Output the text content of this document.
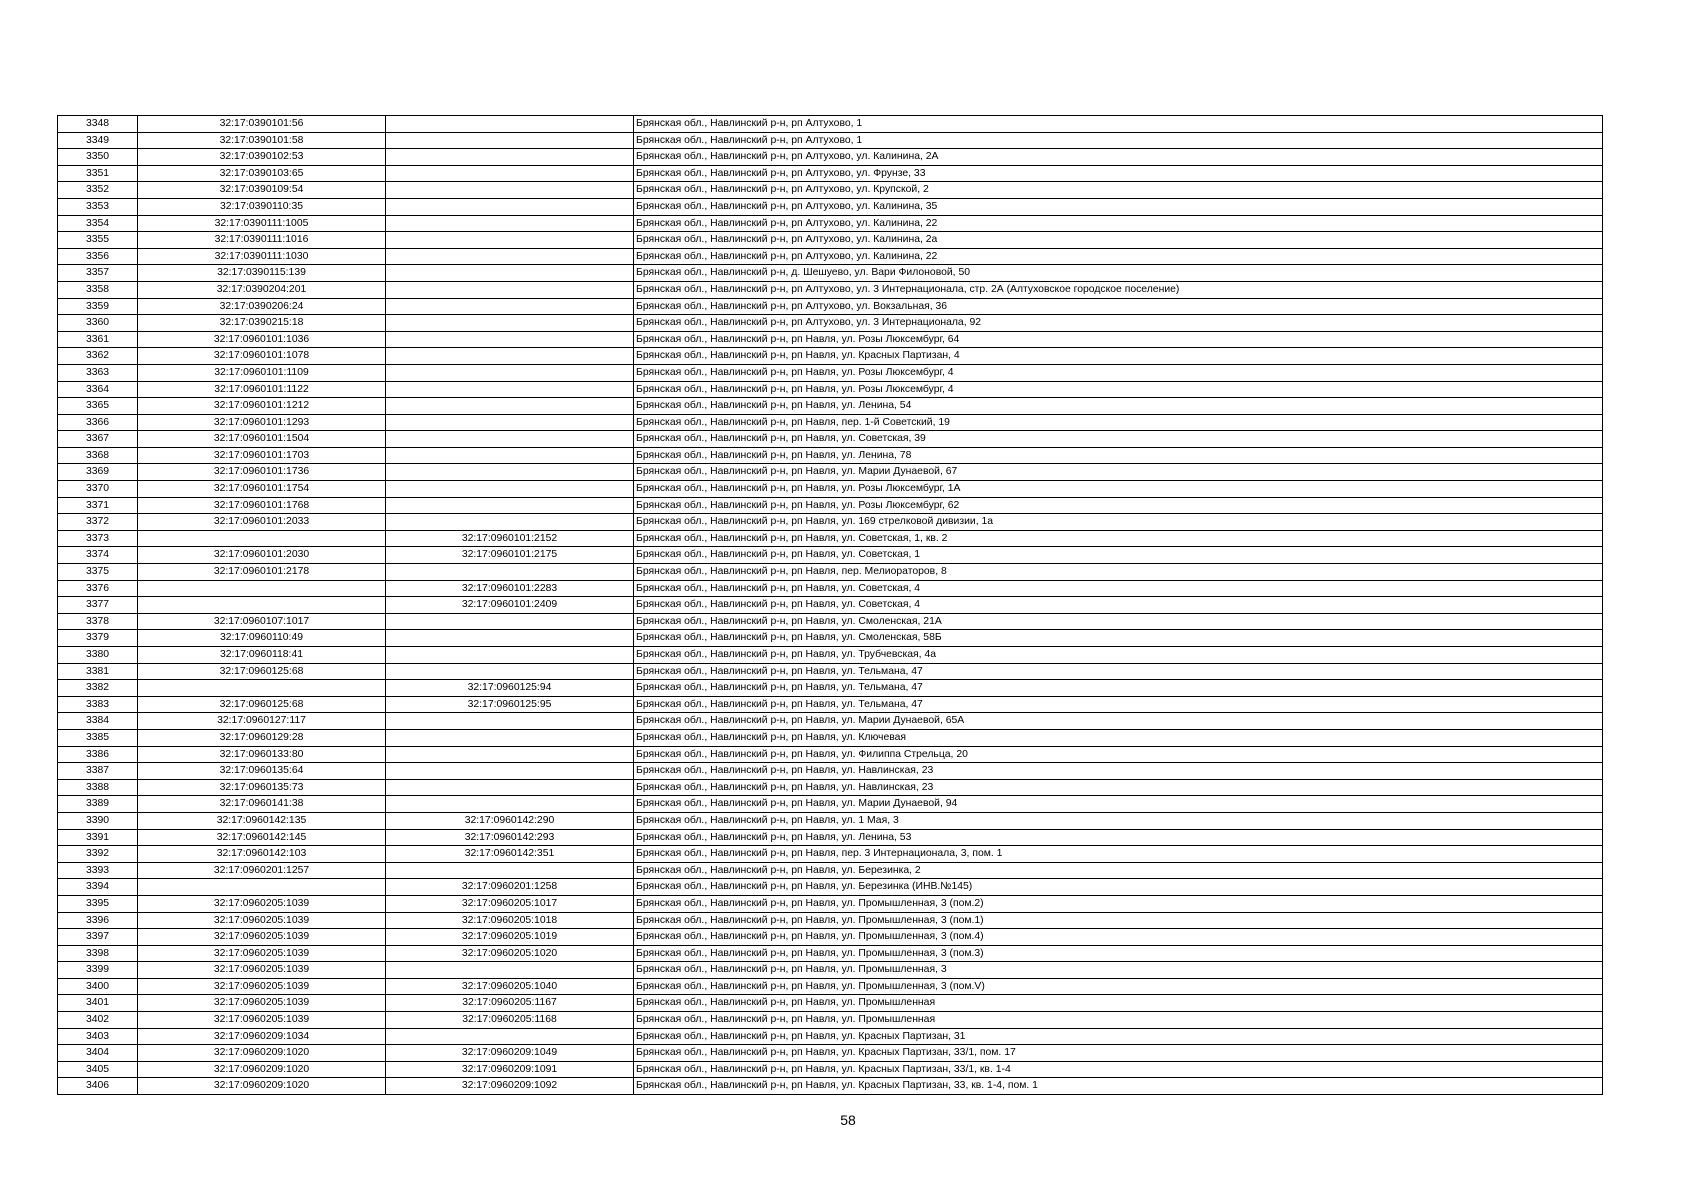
3348	32:17:0390101:56		Брянская обл., Навлинский р-н, рп Алтухово, 1
3349	32:17:0390101:58		Брянская обл., Навлинский р-н, рп Алтухово, 1
3350	32:17:0390102:53		Брянская обл., Навлинский р-н, рп Алтухово, ул. Калинина, 2А
3351	32:17:0390103:65		Брянская обл., Навлинский р-н, рп Алтухово, ул. Фрунзе, 33
3352	32:17:0390109:54		Брянская обл., Навлинский р-н, рп Алтухово, ул. Крупской, 2
3353	32:17:0390110:35		Брянская обл., Навлинский р-н, рп Алтухово, ул. Калинина, 35
3354	32:17:0390111:1005		Брянская обл., Навлинский р-н, рп Алтухово, ул. Калинина, 22
3355	32:17:0390111:1016		Брянская обл., Навлинский р-н, рп Алтухово, ул. Калинина, 2а
3356	32:17:0390111:1030		Брянская обл., Навлинский р-н, рп Алтухово, ул. Калинина, 22
3357	32:17:0390115:139		Брянская обл., Навлинский р-н, д. Шешуево, ул. Вари Филоновой, 50
3358	32:17:0390204:201		Брянская обл., Навлинский р-н, рп Алтухово, ул. 3 Интернационала, стр. 2А (Алтуховское городское поселение)
3359	32:17:0390206:24		Брянская обл., Навлинский р-н, рп Алтухово, ул. Вокзальная, 36
3360	32:17:0390215:18		Брянская обл., Навлинский р-н, рп Алтухово, ул. 3 Интернационала, 92
3361	32:17:0960101:1036		Брянская обл., Навлинский р-н, рп Навля, ул. Розы Люксембург, 64
3362	32:17:0960101:1078		Брянская обл., Навлинский р-н, рп Навля, ул. Красных Партизан, 4
3363	32:17:0960101:1109		Брянская обл., Навлинский р-н, рп Навля, ул. Розы Люксембург, 4
3364	32:17:0960101:1122		Брянская обл., Навлинский р-н, рп Навля, ул. Розы Люксембург, 4
3365	32:17:0960101:1212		Брянская обл., Навлинский р-н, рп Навля, ул. Ленина, 54
3366	32:17:0960101:1293		Брянская обл., Навлинский р-н, рп Навля, пер. 1-й Советский, 19
3367	32:17:0960101:1504		Брянская обл., Навлинский р-н, рп Навля, ул. Советская, 39
3368	32:17:0960101:1703		Брянская обл., Навлинский р-н, рп Навля, ул. Ленина, 78
3369	32:17:0960101:1736		Брянская обл., Навлинский р-н, рп Навля, ул. Марии Дунаевой, 67
3370	32:17:0960101:1754		Брянская обл., Навлинский р-н, рп Навля, ул. Розы Люксембург, 1А
3371	32:17:0960101:1768		Брянская обл., Навлинский р-н, рп Навля, ул. Розы Люксембург, 62
3372	32:17:0960101:2033		Брянская обл., Навлинский р-н, рп Навля, ул. 169 стрелковой дивизии, 1а
3373		32:17:0960101:2152	Брянская обл., Навлинский р-н, рп Навля, ул. Советская, 1, кв. 2
3374	32:17:0960101:2030	32:17:0960101:2175	Брянская обл., Навлинский р-н, рп Навля, ул. Советская, 1
3375	32:17:0960101:2178		Брянская обл., Навлинский р-н, рп Навля, пер. Мелиораторов, 8
3376		32:17:0960101:2283	Брянская обл., Навлинский р-н, рп Навля, ул. Советская, 4
3377		32:17:0960101:2409	Брянская обл., Навлинский р-н, рп Навля, ул. Советская, 4
3378	32:17:0960107:1017		Брянская обл., Навлинский р-н, рп Навля, ул. Смоленская, 21А
3379	32:17:0960110:49		Брянская обл., Навлинский р-н, рп Навля, ул. Смоленская, 58Б
3380	32:17:0960118:41		Брянская обл., Навлинский р-н, рп Навля, ул. Трубчевская, 4а
3381	32:17:0960125:68		Брянская обл., Навлинский р-н, рп Навля, ул. Тельмана, 47
3382		32:17:0960125:94	Брянская обл., Навлинский р-н, рп Навля, ул. Тельмана, 47
3383	32:17:0960125:68	32:17:0960125:95	Брянская обл., Навлинский р-н, рп Навля, ул. Тельмана, 47
3384	32:17:0960127:117		Брянская обл., Навлинский р-н, рп Навля, ул. Марии Дунаевой, 65А
3385	32:17:0960129:28		Брянская обл., Навлинский р-н, рп Навля, ул. Ключевая
3386	32:17:0960133:80		Брянская обл., Навлинский р-н, рп Навля, ул. Филиппа Стрельца, 20
3387	32:17:0960135:64		Брянская обл., Навлинский р-н, рп Навля, ул. Навлинская, 23
3388	32:17:0960135:73		Брянская обл., Навлинский р-н, рп Навля, ул. Навлинская, 23
3389	32:17:0960141:38		Брянская обл., Навлинский р-н, рп Навля, ул. Марии Дунаевой, 94
3390	32:17:0960142:135	32:17:0960142:290	Брянская обл., Навлинский р-н, рп Навля, ул. 1 Мая, 3
3391	32:17:0960142:145	32:17:0960142:293	Брянская обл., Навлинский р-н, рп Навля, ул. Ленина, 53
3392	32:17:0960142:103	32:17:0960142:351	Брянская обл., Навлинский р-н, рп Навля, пер. 3 Интернационала, 3, пом. 1
3393	32:17:0960201:1257		Брянская обл., Навлинский р-н, рп Навля, ул. Березинка, 2
3394		32:17:0960201:1258	Брянская обл., Навлинский р-н, рп Навля, ул. Березинка (ИНВ.№145)
3395	32:17:0960205:1039	32:17:0960205:1017	Брянская обл., Навлинский р-н, рп Навля, ул. Промышленная, 3 (пом.2)
3396	32:17:0960205:1039	32:17:0960205:1018	Брянская обл., Навлинский р-н, рп Навля, ул. Промышленная, 3 (пом.1)
3397	32:17:0960205:1039	32:17:0960205:1019	Брянская обл., Навлинский р-н, рп Навля, ул. Промышленная, 3 (пом.4)
3398	32:17:0960205:1039	32:17:0960205:1020	Брянская обл., Навлинский р-н, рп Навля, ул. Промышленная, 3 (пом.3)
3399	32:17:0960205:1039		Брянская обл., Навлинский р-н, рп Навля, ул. Промышленная, 3
3400	32:17:0960205:1039	32:17:0960205:1040	Брянская обл., Навлинский р-н, рп Навля, ул. Промышленная, 3 (пом.V)
3401	32:17:0960205:1039	32:17:0960205:1167	Брянская обл., Навлинский р-н, рп Навля, ул. Промышленная
3402	32:17:0960205:1039	32:17:0960205:1168	Брянская обл., Навлинский р-н, рп Навля, ул. Промышленная
3403	32:17:0960209:1034		Брянская обл., Навлинский р-н, рп Навля, ул. Красных Партизан, 31
3404	32:17:0960209:1020	32:17:0960209:1049	Брянская обл., Навлинский р-н, рп Навля, ул. Красных Партизан, 33/1, пом. 17
3405	32:17:0960209:1020	32:17:0960209:1091	Брянская обл., Навлинский р-н, рп Навля, ул. Красных Партизан, 33/1, кв. 1-4
3406	32:17:0960209:1020	32:17:0960209:1092	Брянская обл., Навлинский р-н, рп Навля, ул. Красных Партизан, 33, кв. 1-4, пом. 1
58
